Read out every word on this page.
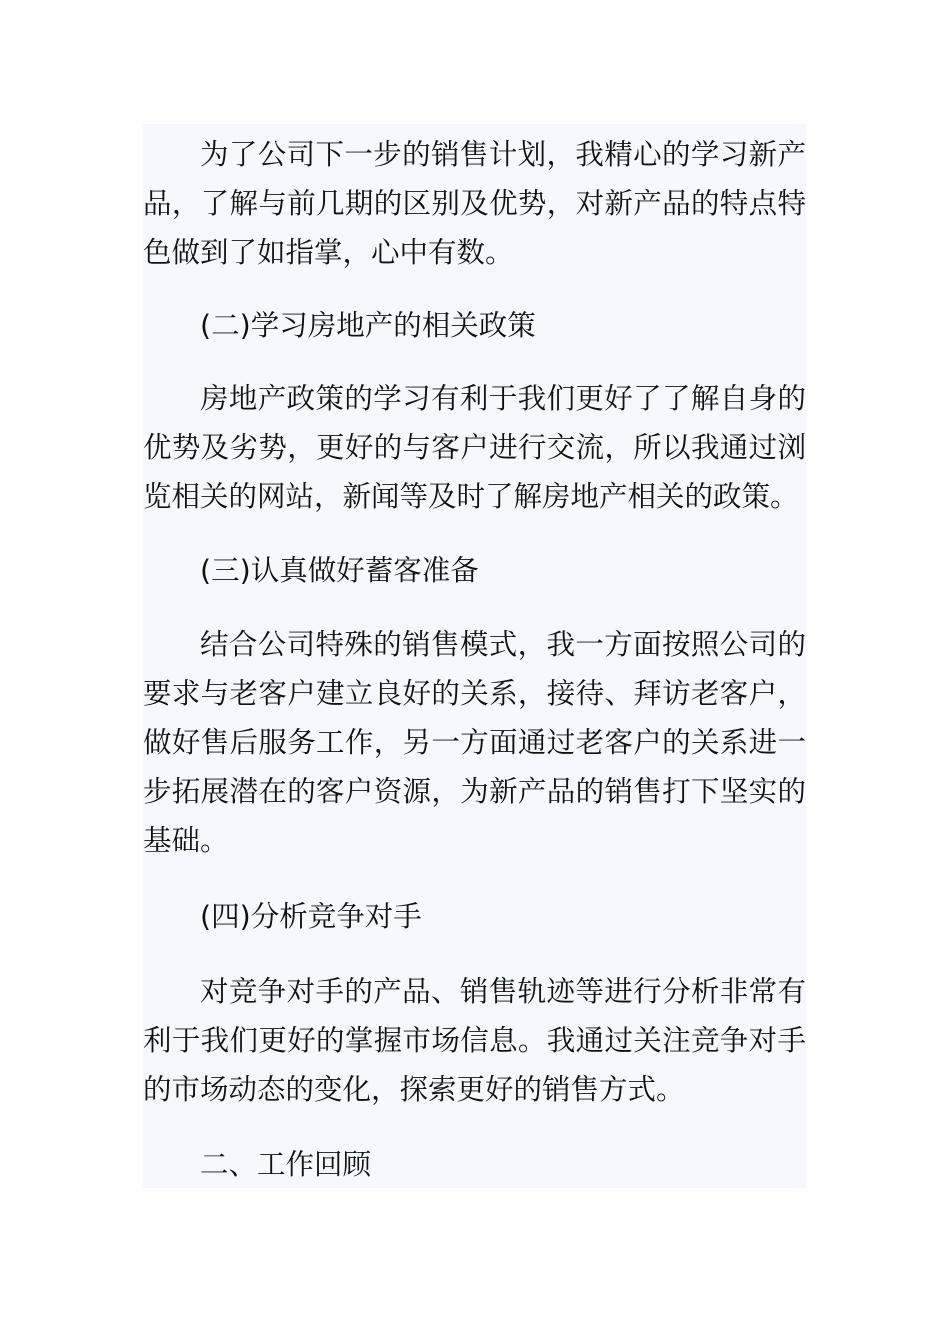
为了公司下一步的销售计划，我精心的学习新产品，了解与前几期的区别及优势，对新产品的特点特色做到了如指掌，心中有数。

(二)学习房地产的相关政策

房地产政策的学习有利于我们更好了了解自身的优势及劣势，更好的与客户进行交流，所以我通过浏览相关的网站，新闻等及时了解房地产相关的政策。

(三)认真做好蓄客准备

结合公司特殊的销售模式，我一方面按照公司的要求与老客户建立良好的关系，接待、拜访老客户，做好售后服务工作，另一方面通过老客户的关系进一步拓展潜在的客户资源，为新产品的销售打下坚实的基础。

(四)分析竞争对手

对竞争对手的产品、销售轨迹等进行分析非常有利于我们更好的掌握市场信息。我通过关注竞争对手的市场动态的变化，探索更好的销售方式。

二、工作回顾
